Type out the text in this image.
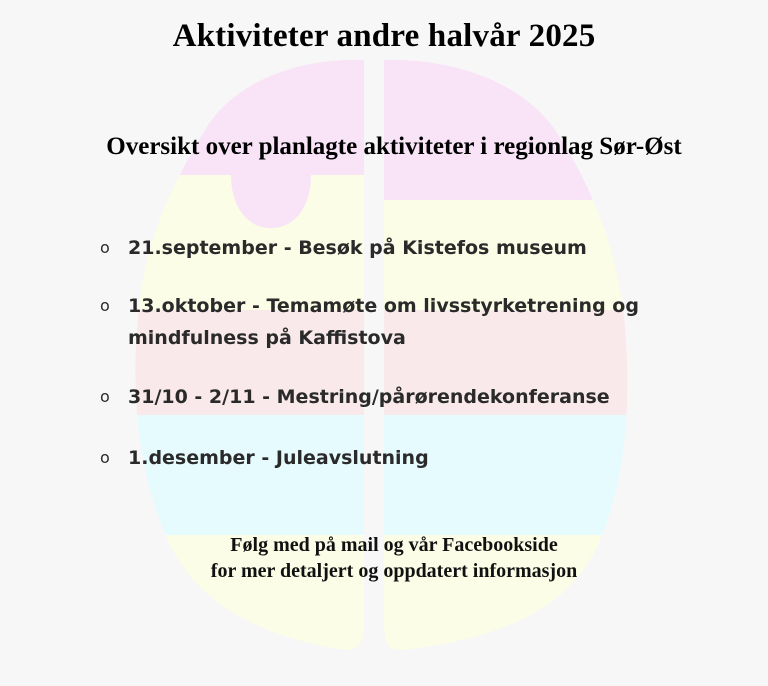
Aktiviteter andre halvår 2025
Oversikt over planlagte aktiviteter i regionlag Sør-Øst
o 21.september - Besøk på Kistefos museum
o 13.oktober - Temamøte om livsstyrketrening og
mindfulness på Kaffistova
o 31/10 - 2/11 - Mestring/pårørendekonferanse
o 1.desember - Juleavslutning
Følg med på mail og vår Facebookside
for mer detaljert og oppdatert informasjon
